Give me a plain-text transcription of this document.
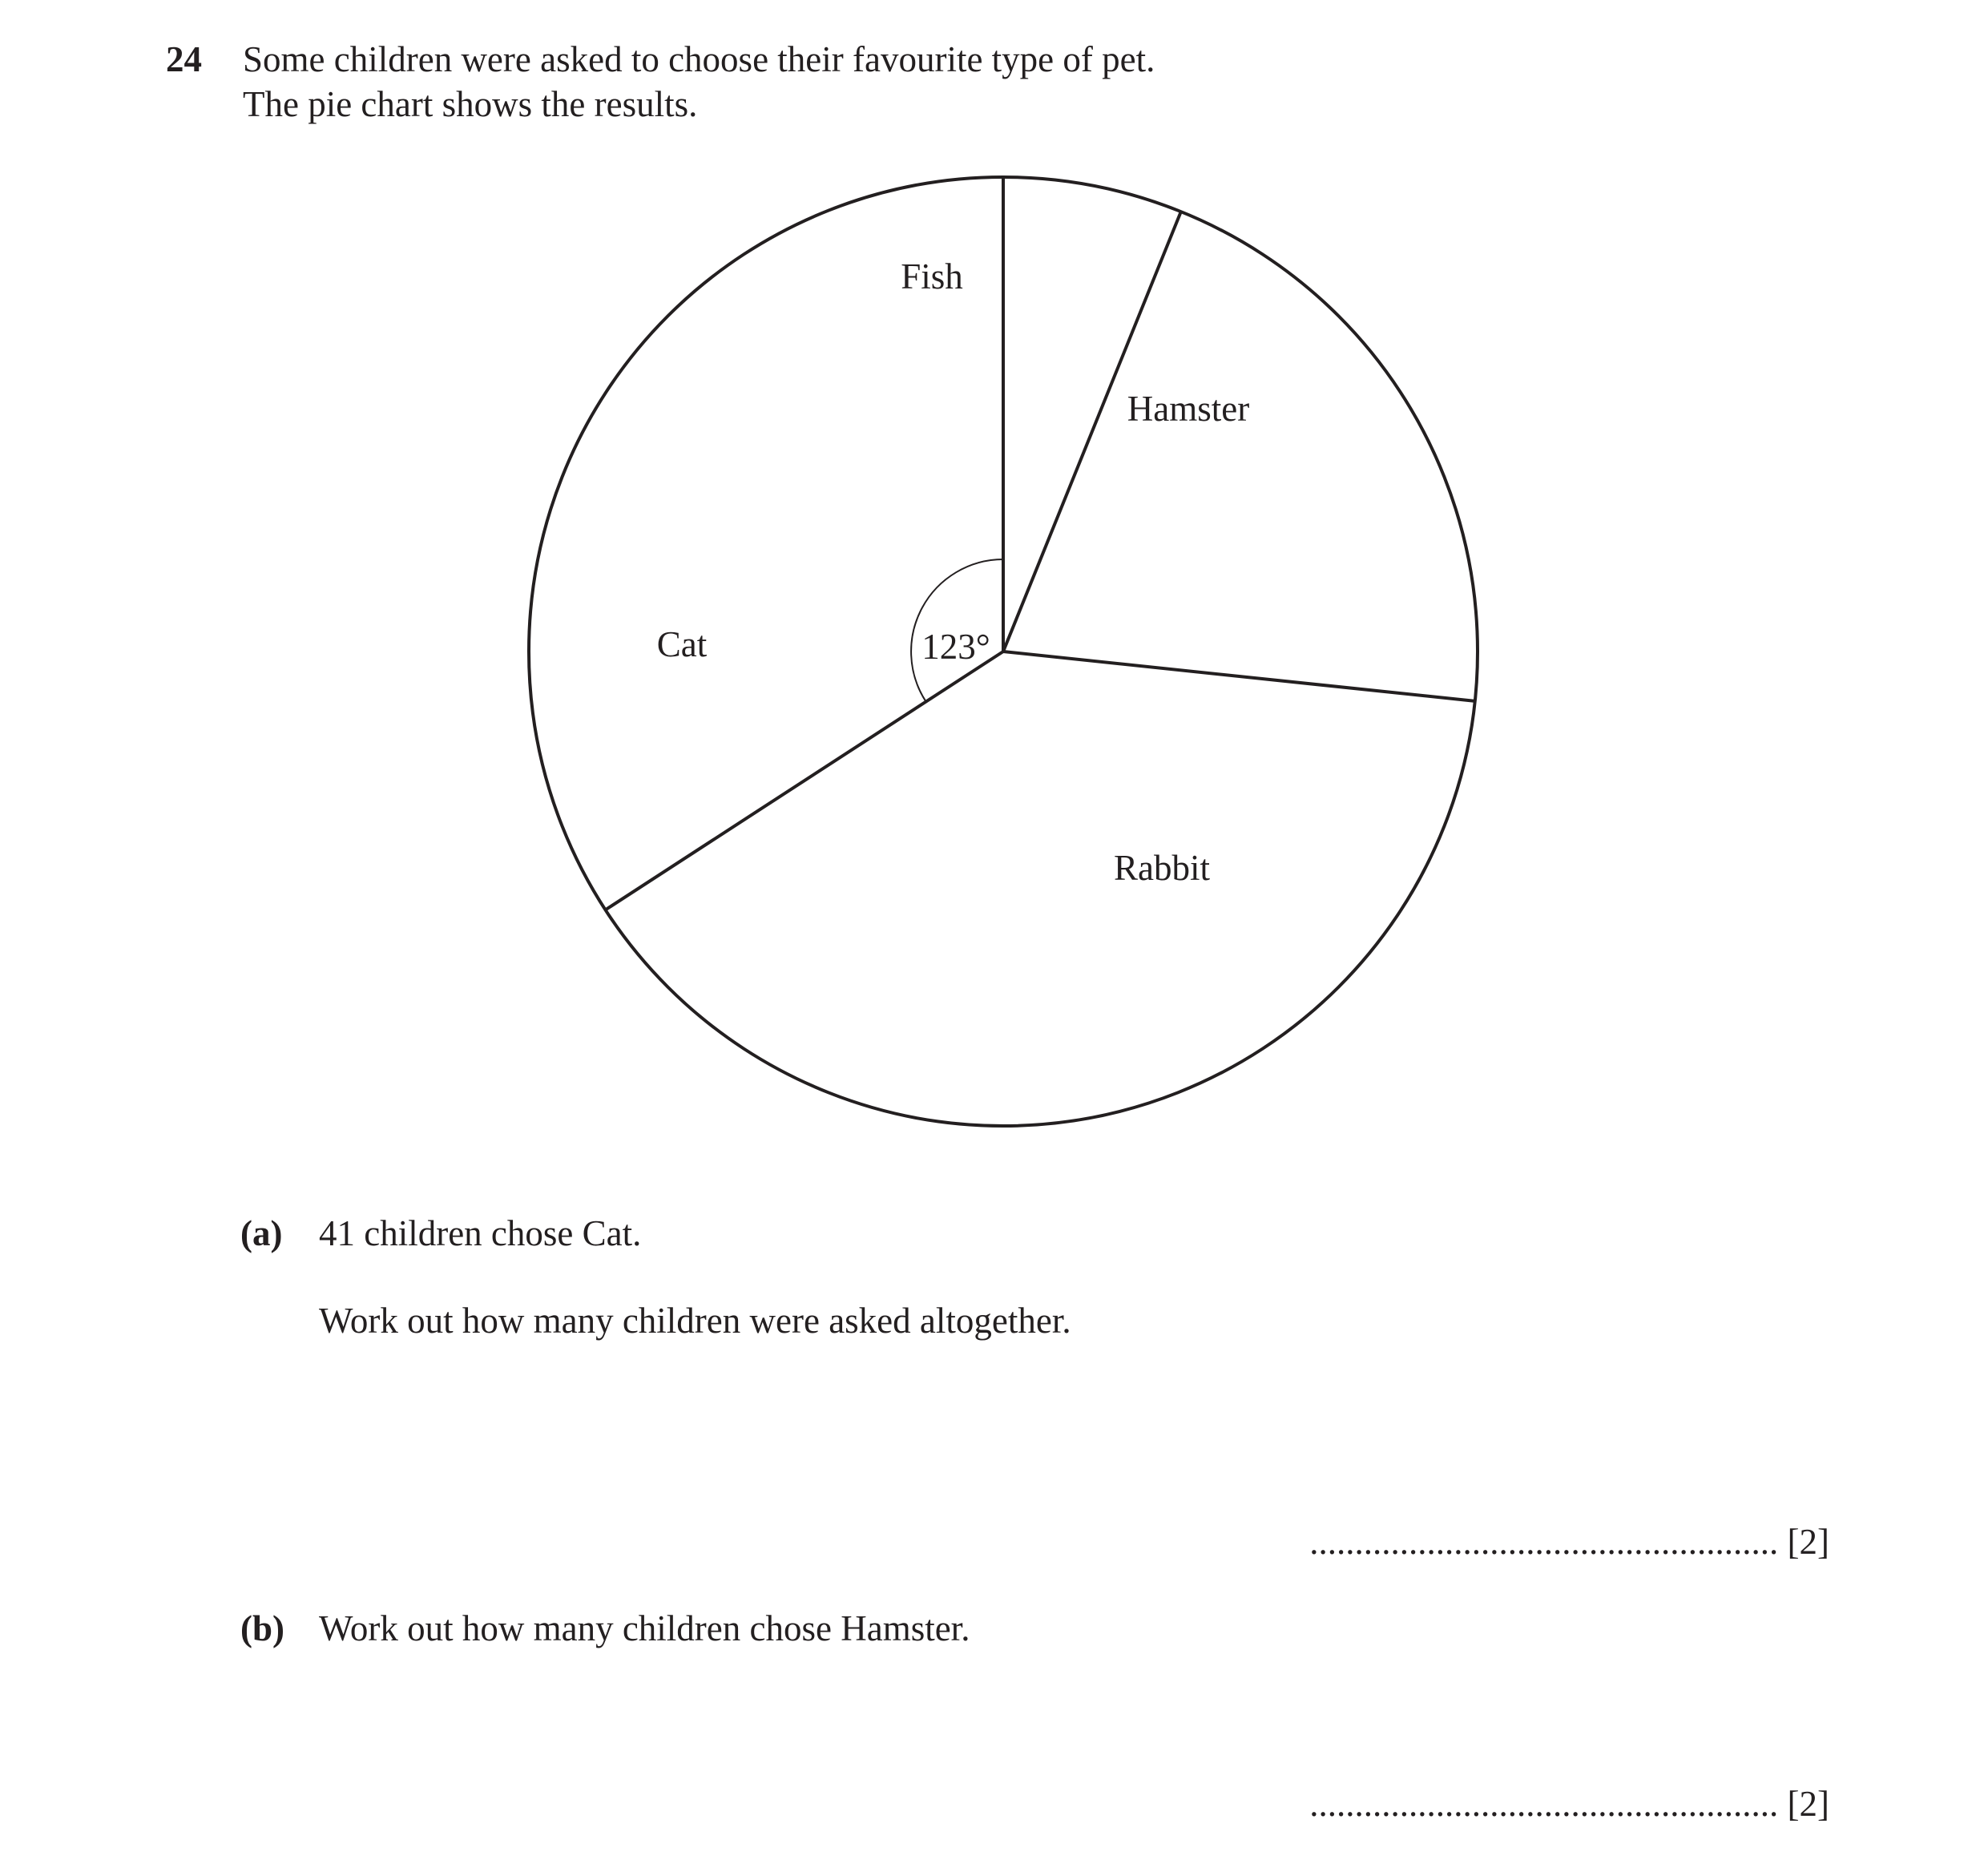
24 Some children were asked to choose their favourite type of pet.
The pie chart shows the results.
Fish
Hamster
Rabbit
Cat	123°
(a) 41 children chose Cat.
Work out how many children were asked altogether.
.................................................... [2]
(b) Work out how many children chose Hamster.
.................................................... [2]
